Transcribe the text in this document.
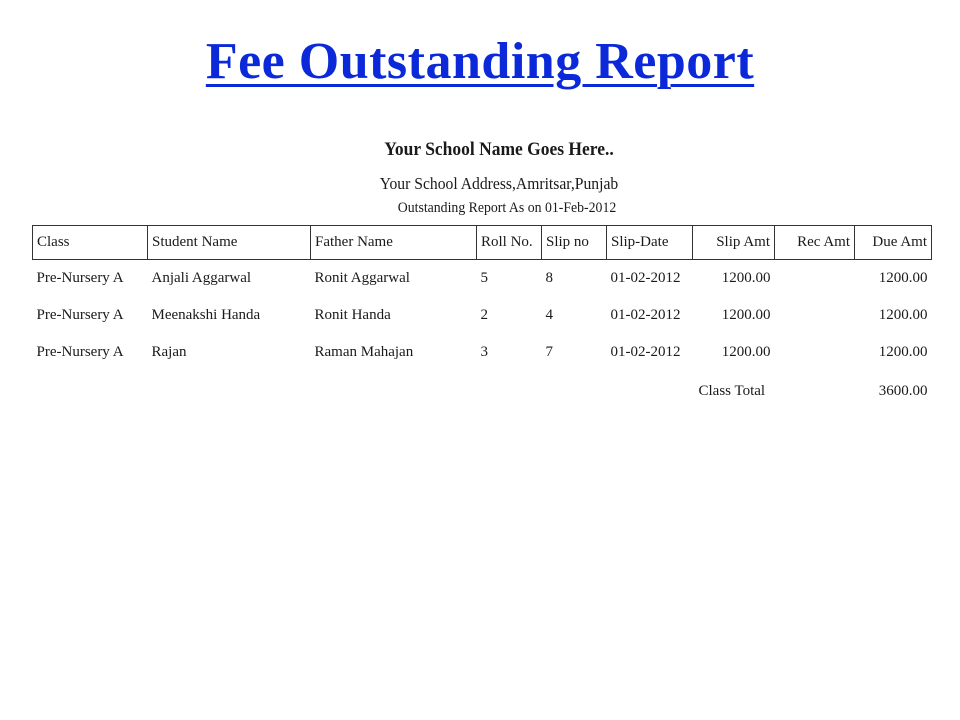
Fee Outstanding Report
Your School Name Goes Here..
Your School Address,Amritsar,Punjab
Outstanding Report As on 01-Feb-2012
Class	Student Name	Father Name	Roll No.	Slip no	Slip-Date	Slip Amt	Rec Amt	Due Amt
Pre-Nursery A	Anjali Aggarwal	Ronit Aggarwal	5	8	01-02-2012	1200.00		1200.00
Pre-Nursery A	Meenakshi Handa	Ronit Handa	2	4	01-02-2012	1200.00		1200.00
Pre-Nursery A	Rajan	Raman Mahajan	3	7	01-02-2012	1200.00		1200.00
						Class Total		3600.00
